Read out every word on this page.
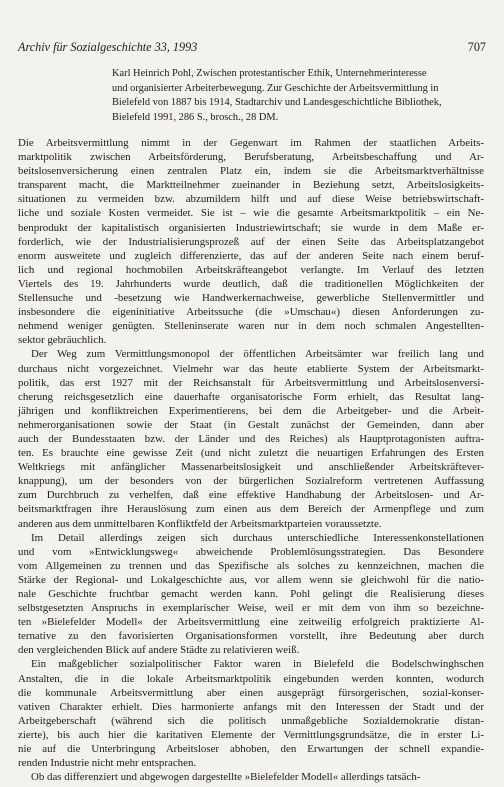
Archiv für Sozialgeschichte 33, 1993	707
Karl Heinrich Pohl, Zwischen protestantischer Ethik, Unternehmerinteresse
und organisierter Arbeiterbewegung. Zur Geschichte der Arbeitsvermittlung in
Bielefeld von 1887 bis 1914, Stadtarchiv und Landesgeschichtliche Bibliothek,
Bielefeld 1991, 286 S., brosch., 28 DM.
Die Arbeitsvermittlung nimmt in der Gegenwart im Rahmen der staatlichen Arbeits-
marktpolitik zwischen Arbeitsförderung, Berufsberatung, Arbeitsbeschaffung und Ar-
beitslosenversicherung einen zentralen Platz ein, indem sie die Arbeitsmarktverhältnisse
transparent macht, die Marktteilnehmer zueinander in Beziehung setzt, Arbeitslosigkeits-
situationen zu vermeiden bzw. abzumildern hilft und auf diese Weise betriebswirtschaft-
liche und soziale Kosten vermeidet. Sie ist – wie die gesamte Arbeitsmarktpolitik – ein Ne-
benprodukt der kapitalistisch organisierten Industriewirtschaft; sie wurde in dem Maße er-
forderlich, wie der Industrialisierungsprozeß auf der einen Seite das Arbeitsplatzangebot
enorm ausweitete und zugleich differenzierte, das auf der anderen Seite nach einem beruf-
lich und regional hochmobilen Arbeitskräfteangebot verlangte. Im Verlauf des letzten
Viertels des 19. Jahrhunderts wurde deutlich, daß die traditionellen Möglichkeiten der
Stellensuche und -besetzung wie Handwerkernachweise, gewerbliche Stellenvermittler und
insbesondere die eigeninitiative Arbeitssuche (die »Umschau«) diesen Anforderungen zu-
nehmend weniger genügten. Stelleninserate waren nur in dem noch schmalen Angestellten-
sektor gebräuchlich.
Der Weg zum Vermittlungsmonopol der öffentlichen Arbeitsämter war freilich lang und
durchaus nicht vorgezeichnet. Vielmehr war das heute etablierte System der Arbeitsmarkt-
politik, das erst 1927 mit der Reichsanstalt für Arbeitsvermittlung und Arbeitslosenversi-
cherung reichsgesetzlich eine dauerhafte organisatorische Form erhielt, das Resultat lang-
jährigen und konfliktreichen Experimentierens, bei dem die Arbeitgeber- und die Arbeit-
nehmerorganisationen sowie der Staat (in Gestalt zunächst der Gemeinden, dann aber
auch der Bundesstaaten bzw. der Länder und des Reiches) als Hauptprotagonisten auftra-
ten. Es brauchte eine gewisse Zeit (und nicht zuletzt die neuartigen Erfahrungen des Ersten
Weltkriegs mit anfänglicher Massenarbeitslosigkeit und anschließender Arbeitskräftever-
knappung), um der besonders von der bürgerlichen Sozialreform vertretenen Auffassung
zum Durchbruch zu verhelfen, daß eine effektive Handhabung der Arbeitslosen- und Ar-
beitsmarktfragen ihre Herauslösung zum einen aus dem Bereich der Armenpflege und zum
anderen aus dem unmittelbaren Konfliktfeld der Arbeitsmarktparteien voraussetzte.
Im Detail allerdings zeigen sich durchaus unterschiedliche Interessenkonstellationen
und vom »Entwicklungsweg« abweichende Problemlösungsstrategien. Das Besondere
vom Allgemeinen zu trennen und das Spezifische als solches zu kennzeichnen, machen die
Stärke der Regional- und Lokalgeschichte aus, vor allem wenn sie gleichwohl für die natio-
nale Geschichte fruchtbar gemacht werden kann. Pohl gelingt die Realisierung dieses
selbstgesetzten Anspruchs in exemplarischer Weise, weil er mit dem von ihm so bezeichne-
ten »Bielefelder Modell« der Arbeitsvermittlung eine zeitweilig erfolgreich praktizierte Al-
ternative zu den favorisierten Organisationsformen vorstellt, ihre Bedeutung aber durch
den vergleichenden Blick auf andere Städte zu relativieren weiß.
Ein maßgeblicher sozialpolitischer Faktor waren in Bielefeld die Bodelschwinghschen
Anstalten, die in die lokale Arbeitsmarktpolitik eingebunden werden konnten, wodurch
die kommunale Arbeitsvermittlung aber einen ausgeprägt fürsorgerischen, sozial-konser-
vativen Charakter erhielt. Dies harmonierte anfangs mit den Interessen der Stadt und der
Arbeitgeberschaft (während sich die politisch unmaßgebliche Sozialdemokratie distan-
zierte), bis auch hier die karitativen Elemente der Vermittlungsgrundsätze, die in erster Li-
nie auf die Unterbringung Arbeitsloser abhoben, den Erwartungen der schnell expandie-
renden Industrie nicht mehr entsprachen.
Ob das differenziert und abgewogen dargestellte »Bielefelder Modell« allerdings tatsäch-
